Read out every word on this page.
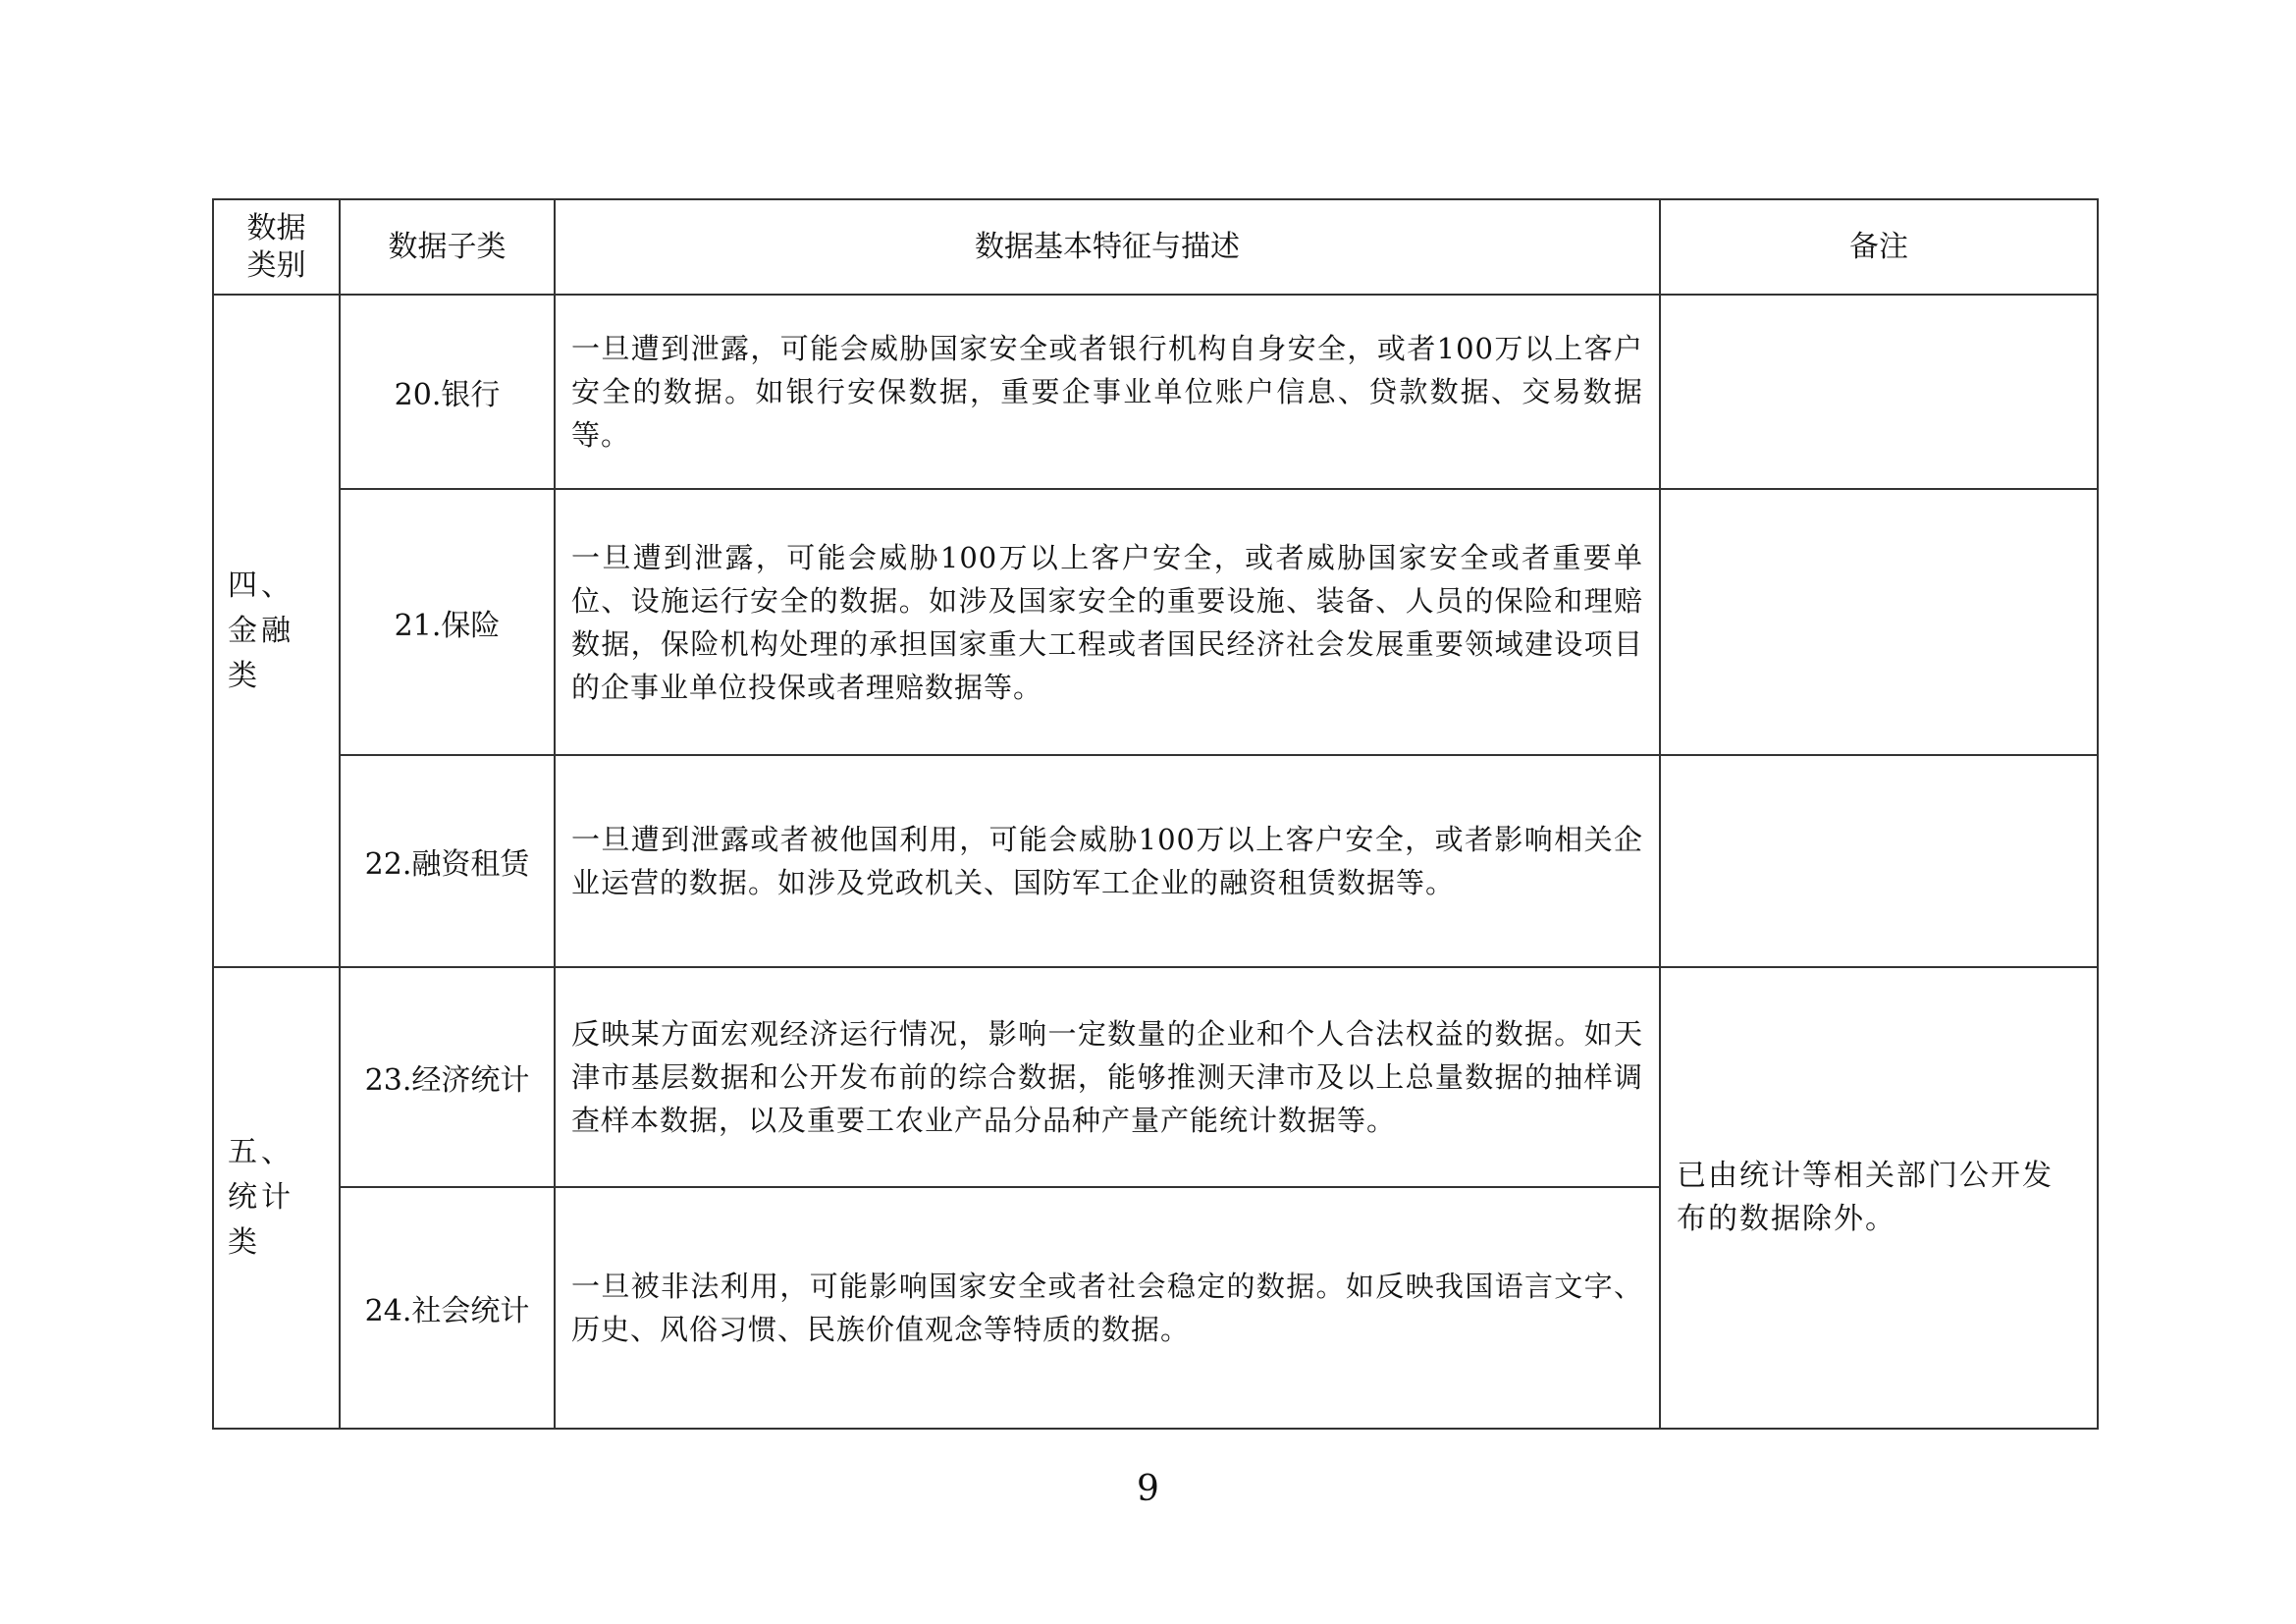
数据类别	数据子类	数据基本特征与描述	备注
四、金融类	20.银行	一旦遭到泄露，可能会威胁国家安全或者银行机构自身安全，或者100万以上客户安全的数据。如银行安保数据，重要企事业单位账户信息、贷款数据、交易数据等。	
	21.保险	一旦遭到泄露，可能会威胁100万以上客户安全，或者威胁国家安全或者重要单位、设施运行安全的数据。如涉及国家安全的重要设施、装备、人员的保险和理赔数据，保险机构处理的承担国家重大工程或者国民经济社会发展重要领域建设项目的企事业单位投保或者理赔数据等。	
	22.融资租赁	一旦遭到泄露或者被他国利用，可能会威胁100万以上客户安全，或者影响相关企业运营的数据。如涉及党政机关、国防军工企业的融资租赁数据等。	
五、统计类	23.经济统计	反映某方面宏观经济运行情况，影响一定数量的企业和个人合法权益的数据。如天津市基层数据和公开发布前的综合数据，能够推测天津市及以上总量数据的抽样调查样本数据，以及重要工农业产品分品种产量产能统计数据等。	已由统计等相关部门公开发布的数据除外。
	24.社会统计	一旦被非法利用，可能影响国家安全或者社会稳定的数据。如反映我国语言文字、历史、风俗习惯、民族价值观念等特质的数据。	
9
